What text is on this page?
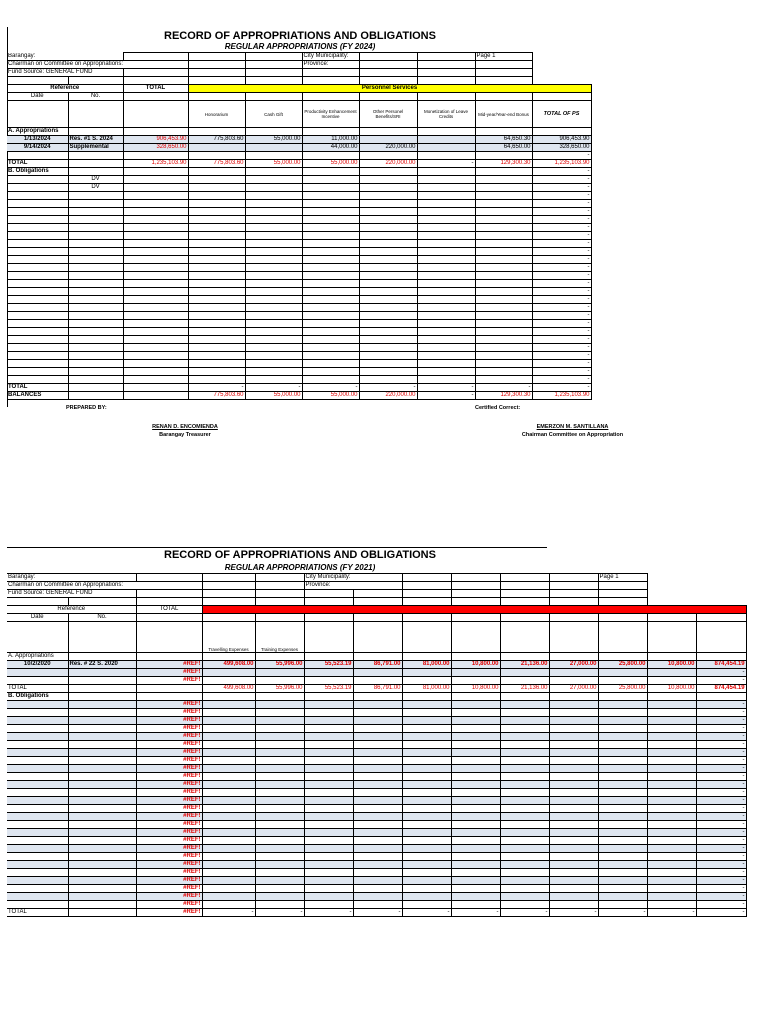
RECORD OF APPROPRIATIONS AND OBLIGATIONS
REGULAR APPROPRIATIONS (FY 2024)
Barangay:					City Municipality:			Page 1	
Chairman on Committee on Appropriations:					Province:				
Fund Source: GENERAL FUND									

Reference		TOTAL	Personnel Services						
Date	No.								
			Honorarium	Cash Gift	Productivity Enhancement Incentive	Other Personel Benefits/SRI	Monetization of Leave Credits	Mid-year/Year-end Bonus	TOTAL OF PS
A. Appropriations									
1/13/2024	Res. #1 S. 2024	906,453.90	775,803.60	55,000.00	11,000.00			64,650.30	906,453.90
9/14/2024	Supplemental	328,650.00			44,000.00	220,000.00		64,650.00	328,650.00
									-
TOTAL		1,235,103.90	775,803.60	55,000.00	55,000.00	220,000.00	-	129,300.30	1,235,103.90
B. Obligations									-
	DV								-
	DV								-
									-
									-
									-
									-
									-
									-
									-
									-
									-
									-
									-
									-
									-
									-
									-
									-
									-
									-
									-
									-
									-
									-
									-
									-
TOTAL			-	-	-	-	-	-	-
BALANCES			775,803.60	55,000.00	55,000.00	220,000.00	-	129,300.30	1,235,103.90
PREPARED BY:	Certified Correct:
RENAN D. ENCOMIENDA
Barangay Treasurer
EMERZON M. SANTILLANA
Chairman Committee on Appropriation
RECORD OF APPROPRIATIONS AND OBLIGATIONS
REGULAR APPROPRIATIONS (FY 2021)
Barangay:					City Municipality:						Page 1		
Chairman on Committee on Appropriations:					Province:								
Fund Source: GENERAL FUND													

Reference		TOTAL											
Date	No.												
			Travelling Expenses	Training Expenses									
A. Appropriations													
10/2/2020	Res. # 22 S. 2020	#REF!	499,608.00	55,996.00	55,523.19	86,791.00	81,000.00	10,800.00	21,136.00	27,000.00	25,800.00	10,800.00	874,454.19
		#REF!											-
		#REF!											-
TOTAL			499,608.00	55,996.00	55,523.19	86,791.00	81,000.00	10,800.00	21,136.00	27,000.00	25,800.00	10,800.00	874,454.19
B. Obligations													
		#REF!											-
		#REF!											-
		#REF!											-
		#REF!											-
		#REF!											-
		#REF!											-
		#REF!											-
		#REF!											-
		#REF!											-
		#REF!											-
		#REF!											-
		#REF!											-
		#REF!											-
		#REF!											-
		#REF!											-
		#REF!											-
		#REF!											-
		#REF!											-
		#REF!											-
		#REF!											-
		#REF!											-
		#REF!											-
		#REF!											-
		#REF!											-
		#REF!											-
		#REF!											-
TOTAL		#REF!	-	-	-	-	-	-	-	-	-	-	-
